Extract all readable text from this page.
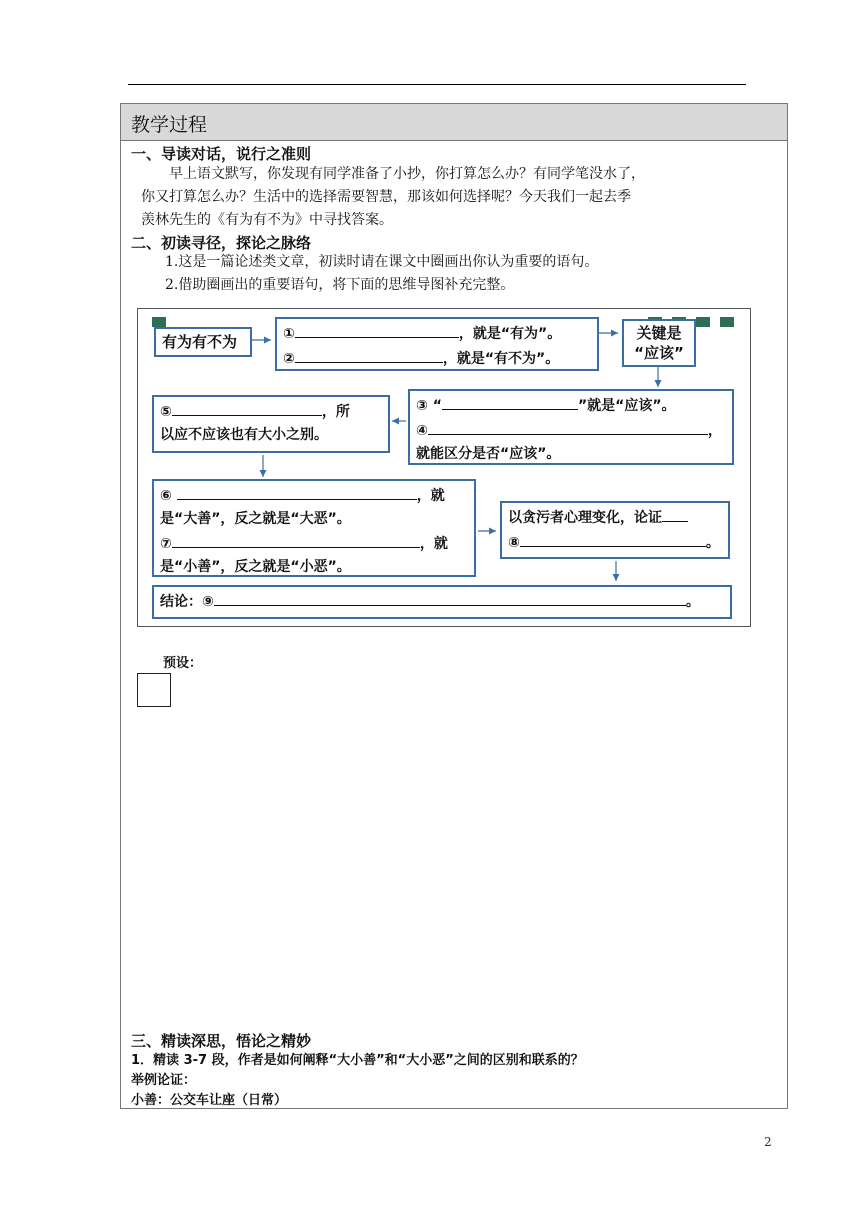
教学过程
一、导读对话，说行之准则
早上语文默写，你发现有同学准备了小抄，你打算怎么办？有同学笔没水了，
你又打算怎么办？生活中的选择需要智慧，那该如何选择呢？今天我们一起去季
羡林先生的《有为有不为》中寻找答案。
二、初读寻径，探论之脉络
1.这是一篇论述类文章，初读时请在课文中圈画出你认为重要的语句。
2.借助圈画出的重要语句，将下面的思维导图补充完整。
有为有不为	①	，就是“有为”。
②	，就是“有不为”。
关键是
“应该”
③ “	”就是“应该”。
④	，
就能区分是否“应该”。
⑤	，所
以应不应该也有大小之别。
⑥	，就
是“大善”，反之就是“大恶”。
⑦	，就
是“小善”，反之就是“小恶”。
以贪污者心理变化，论证
⑧	。
结论：⑨	。
预设：
三、精读深思，悟论之精妙
1．精读 3-7 段，作者是如何阐释“大小善”和“大小恶”之间的区别和联系的？
举例论证：
小善：公交车让座（日常）
2
